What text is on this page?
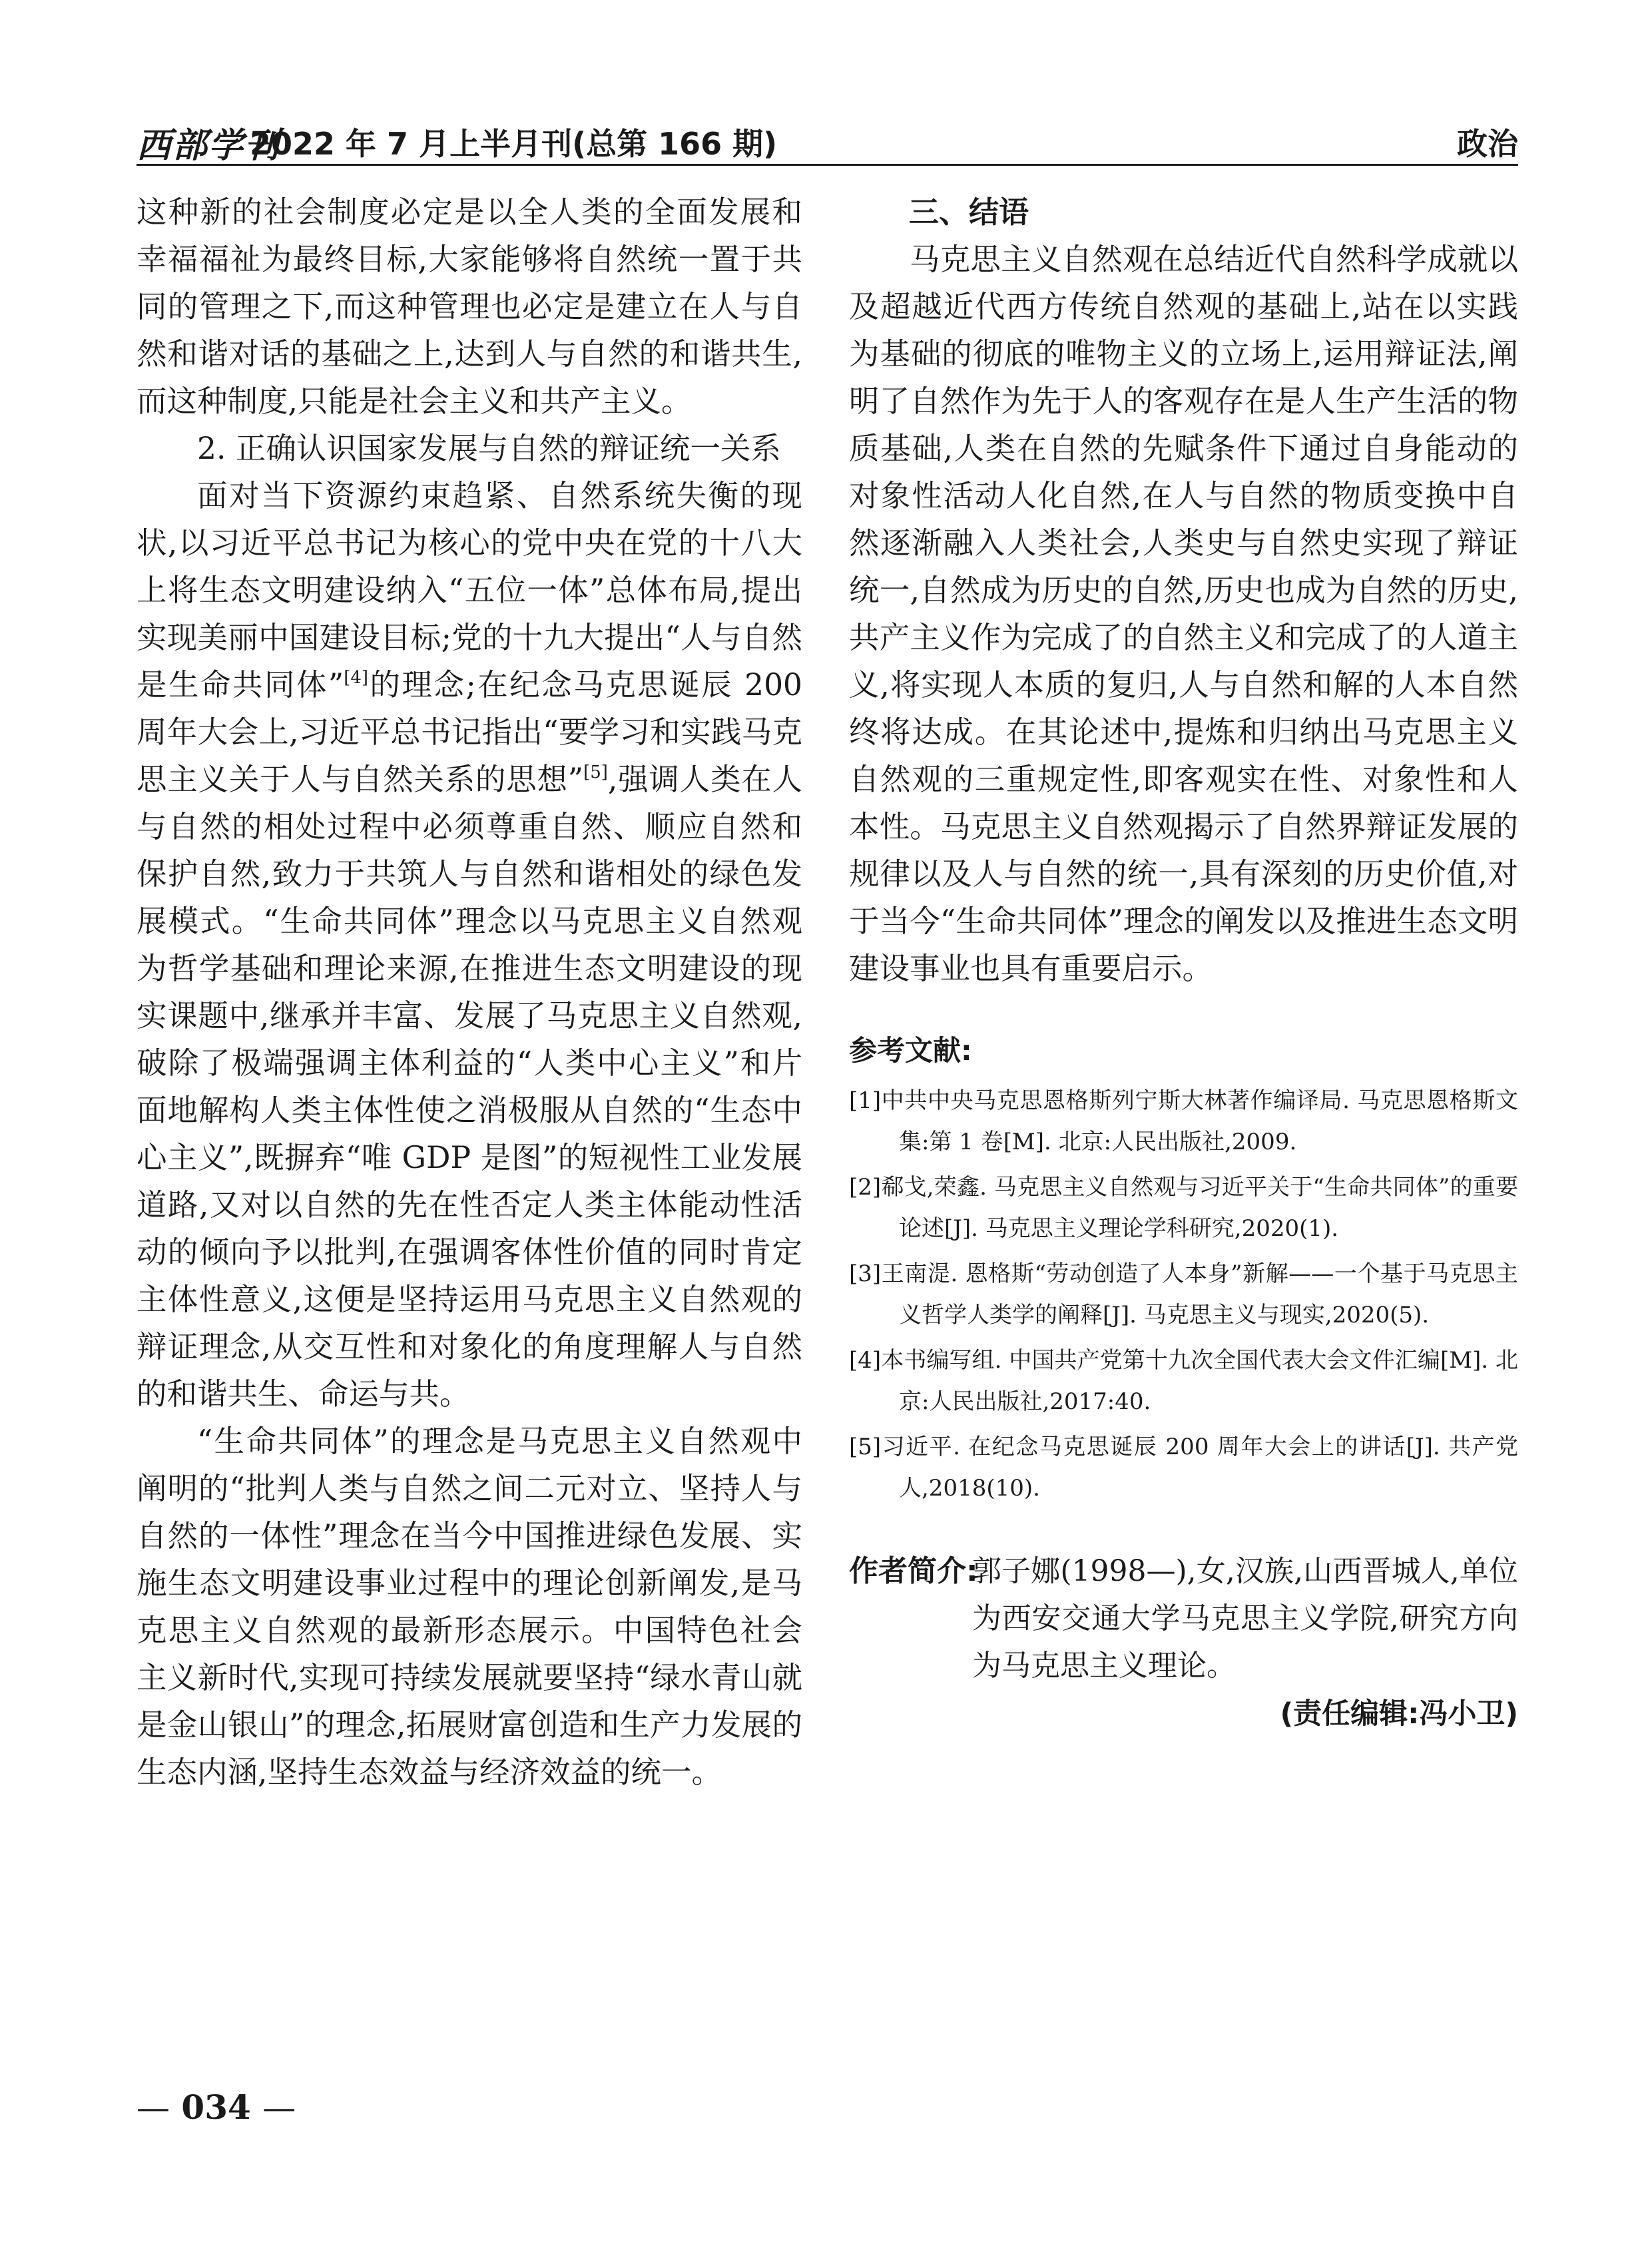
西部学刊
2022 年 7 月上半月刊(总第 166 期)	政治

这种新的社会制度必定是以全人类的全面发展和幸福福祉为最终目标,大家能够将自然统一置于共同的管理之下,而这种管理也必定是建立在人与自然和谐对话的基础之上,达到人与自然的和谐共生,而这种制度,只能是社会主义和共产主义。

2. 正确认识国家发展与自然的辩证统一关系

面对当下资源约束趋紧、自然系统失衡的现状,以习近平总书记为核心的党中央在党的十八大上将生态文明建设纳入“五位一体”总体布局,提出实现美丽中国建设目标;党的十九大提出“人与自然是生命共同体”[4]的理念;在纪念马克思诞辰 200 周年大会上,习近平总书记指出“要学习和实践马克思主义关于人与自然关系的思想”[5],强调人类在人与自然的相处过程中必须尊重自然、顺应自然和保护自然,致力于共筑人与自然和谐相处的绿色发展模式。“生命共同体”理念以马克思主义自然观为哲学基础和理论来源,在推进生态文明建设的现实课题中,继承并丰富、发展了马克思主义自然观,破除了极端强调主体利益的“人类中心主义”和片面地解构人类主体性使之消极服从自然的“生态中心主义”,既摒弃“唯 GDP 是图”的短视性工业发展道路,又对以自然的先在性否定人类主体能动性活动的倾向予以批判,在强调客体性价值的同时肯定主体性意义,这便是坚持运用马克思主义自然观的辩证理念,从交互性和对象化的角度理解人与自然的和谐共生、命运与共。

“生命共同体”的理念是马克思主义自然观中阐明的“批判人类与自然之间二元对立、坚持人与自然的一体性”理念在当今中国推进绿色发展、实施生态文明建设事业过程中的理论创新阐发,是马克思主义自然观的最新形态展示。中国特色社会主义新时代,实现可持续发展就要坚持“绿水青山就是金山银山”的理念,拓展财富创造和生产力发展的生态内涵,坚持生态效益与经济效益的统一。

三、结语

马克思主义自然观在总结近代自然科学成就以及超越近代西方传统自然观的基础上,站在以实践为基础的彻底的唯物主义的立场上,运用辩证法,阐明了自然作为先于人的客观存在是人生产生活的物质基础,人类在自然的先赋条件下通过自身能动的对象性活动人化自然,在人与自然的物质变换中自然逐渐融入人类社会,人类史与自然史实现了辩证统一,自然成为历史的自然,历史也成为自然的历史,共产主义作为完成了的自然主义和完成了的人道主义,将实现人本质的复归,人与自然和解的人本自然终将达成。在其论述中,提炼和归纳出马克思主义自然观的三重规定性,即客观实在性、对象性和人本性。马克思主义自然观揭示了自然界辩证发展的规律以及人与自然的统一,具有深刻的历史价值,对于当今“生命共同体”理念的阐发以及推进生态文明建设事业也具有重要启示。

参考文献:

[1]中共中央马克思恩格斯列宁斯大林著作编译局. 马克思恩格斯文集:第 1 卷[M]. 北京:人民出版社,2009.

[2]郗戈,荣鑫. 马克思主义自然观与习近平关于“生命共同体”的重要论述[J]. 马克思主义理论学科研究,2020(1).

[3]王南湜. 恩格斯“劳动创造了人本身”新解——一个基于马克思主义哲学人类学的阐释[J]. 马克思主义与现实,2020(5).

[4]本书编写组. 中国共产党第十九次全国代表大会文件汇编[M]. 北京:人民出版社,2017:40.

[5]习近平. 在纪念马克思诞辰 200 周年大会上的讲话[J]. 共产党人,2018(10).

作者简介:

郭子娜(1998—),女,汉族,山西晋城人,单位为西安交通大学马克思主义学院,研究方向为马克思主义理论。

(责任编辑:冯小卫)
— 034 —
